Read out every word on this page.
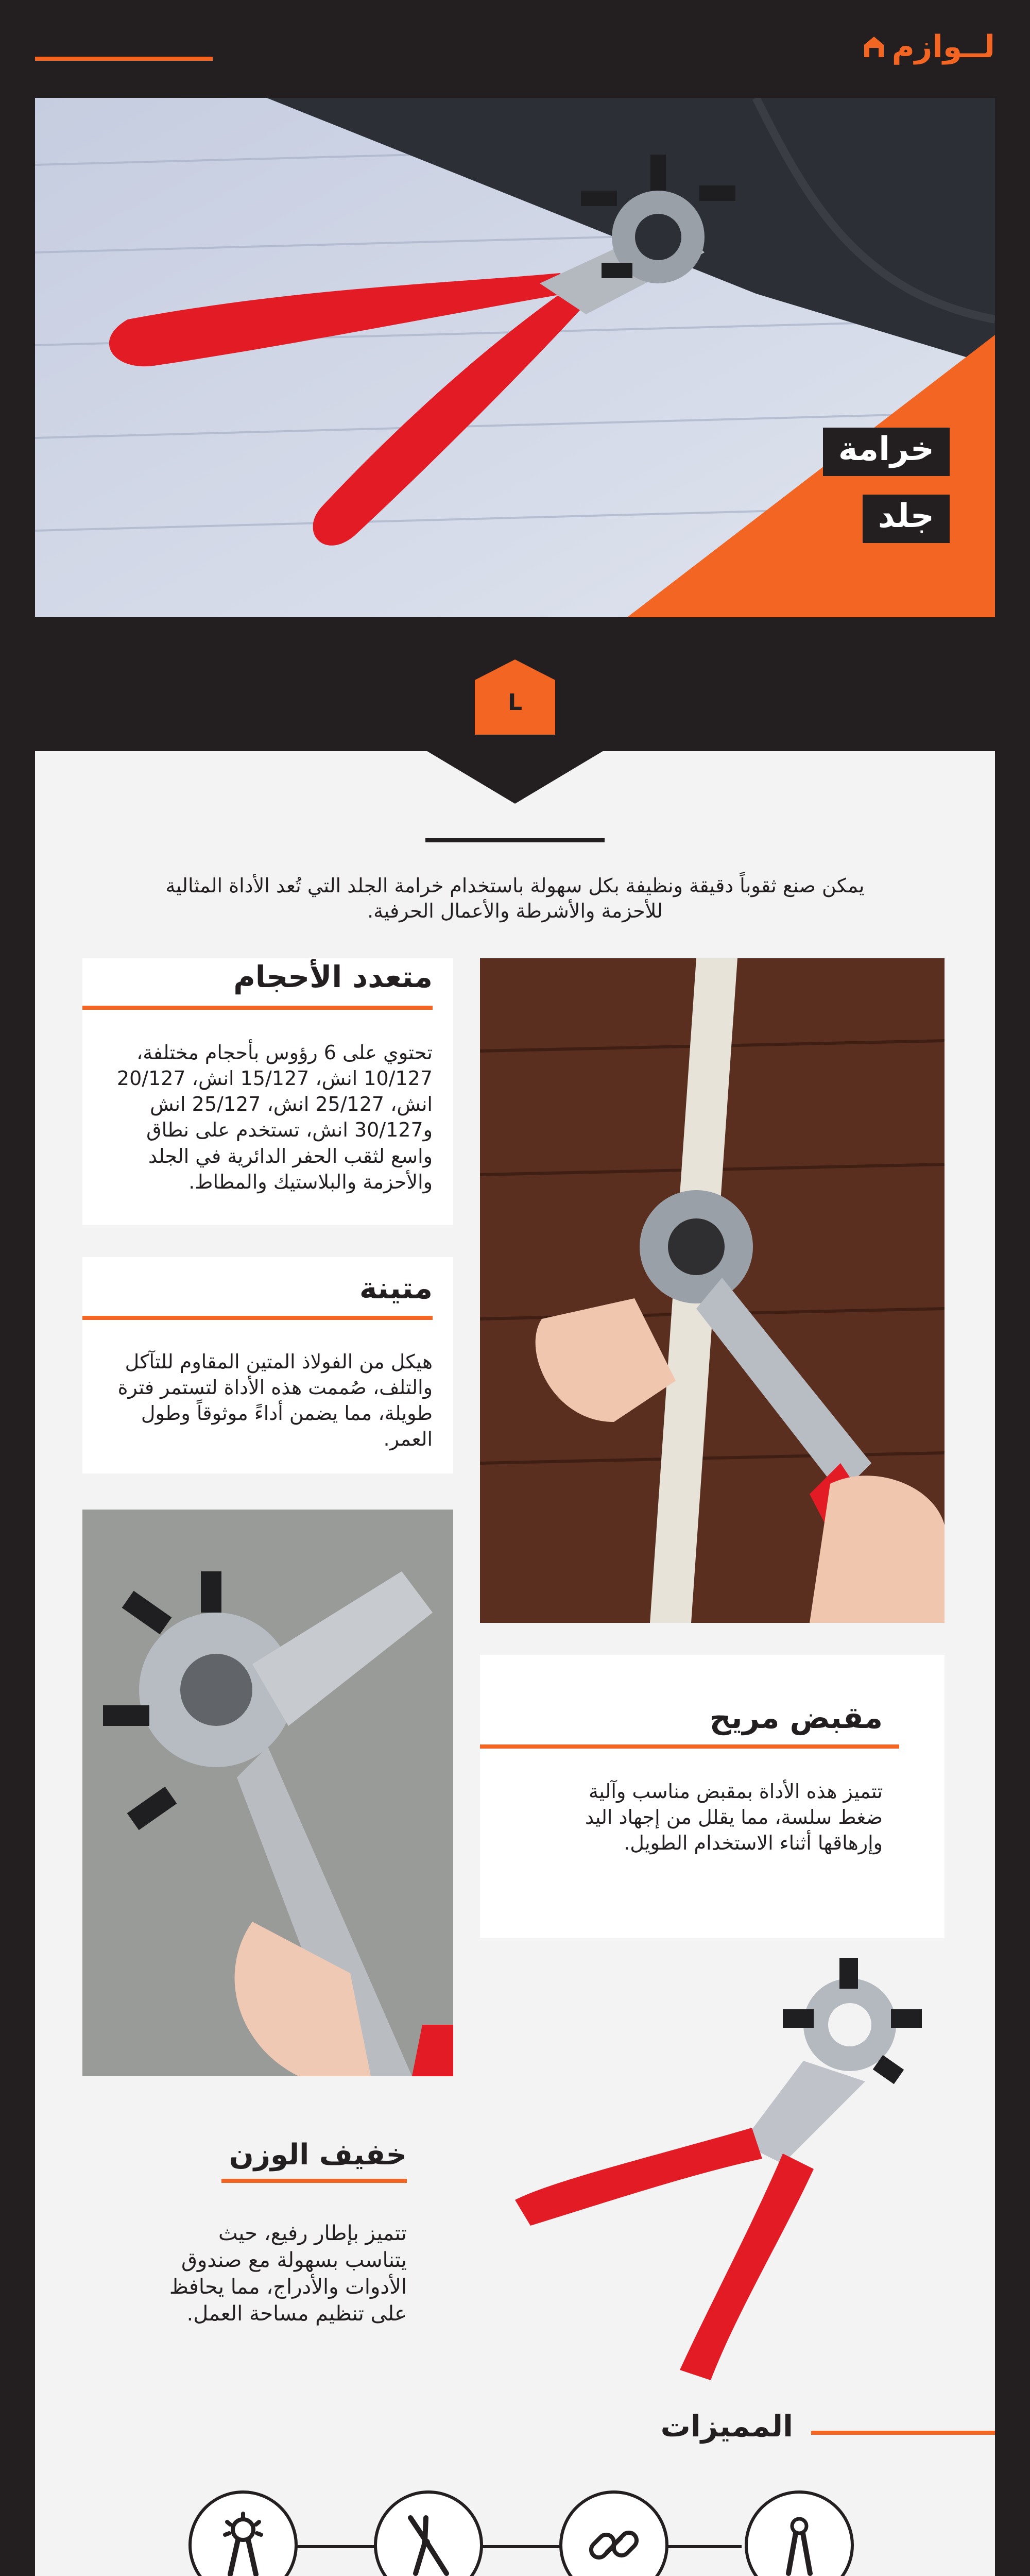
لــوازم
خرامة
جلد
L

يمكن صنع ثقوباً دقيقة ونظيفة بكل سهولة باستخدام خرامة الجلد التي تُعد الأداة المثالية للأحزمة والأشرطة والأعمال الحرفية.

متعدد الأحجام

تحتوي على 6 رؤوس بأحجام مختلفة، 10/127 انش، 15/127 انش، 20/127 انش، 25/127 انش، 25/127 انش و30/127 انش، تستخدم على نطاق واسع لثقب الحفر الدائرية في الجلد والأحزمة والبلاستيك والمطاط.

متينة

هيكل من الفولاذ المتين المقاوم للتآكل والتلف، صُممت هذه الأداة لتستمر فترة طويلة، مما يضمن أداءً موثوقاً وطول العمر.

مقبض مريح

تتميز هذه الأداة بمقبض مناسب وآلية ضغط سلسة، مما يقلل من إجهاد اليد وإرهاقها أثناء الاستخدام الطويل.

خفيف الوزن

تتميز بإطار رفيع، حيث يتناسب بسهولة مع صندوق الأدوات والأدراج، مما يحافظ على تنظيم مساحة العمل.

المميزات
